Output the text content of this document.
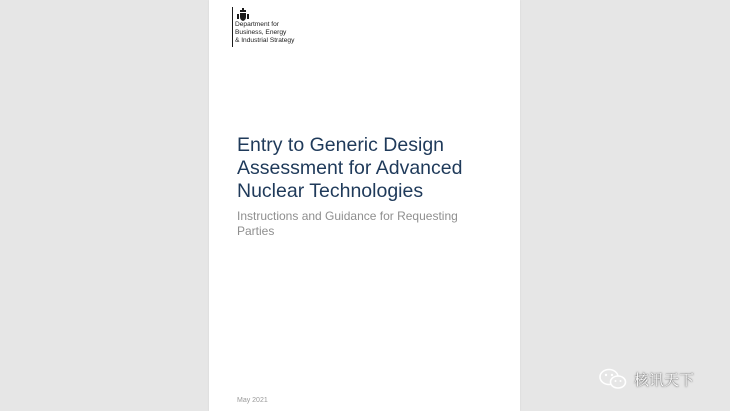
Department for
Business, Energy
& Industrial Strategy
Entry to Generic Design
Assessment for Advanced
Nuclear Technologies
Instructions and Guidance for Requesting
Parties
May 2021
核讯天下
